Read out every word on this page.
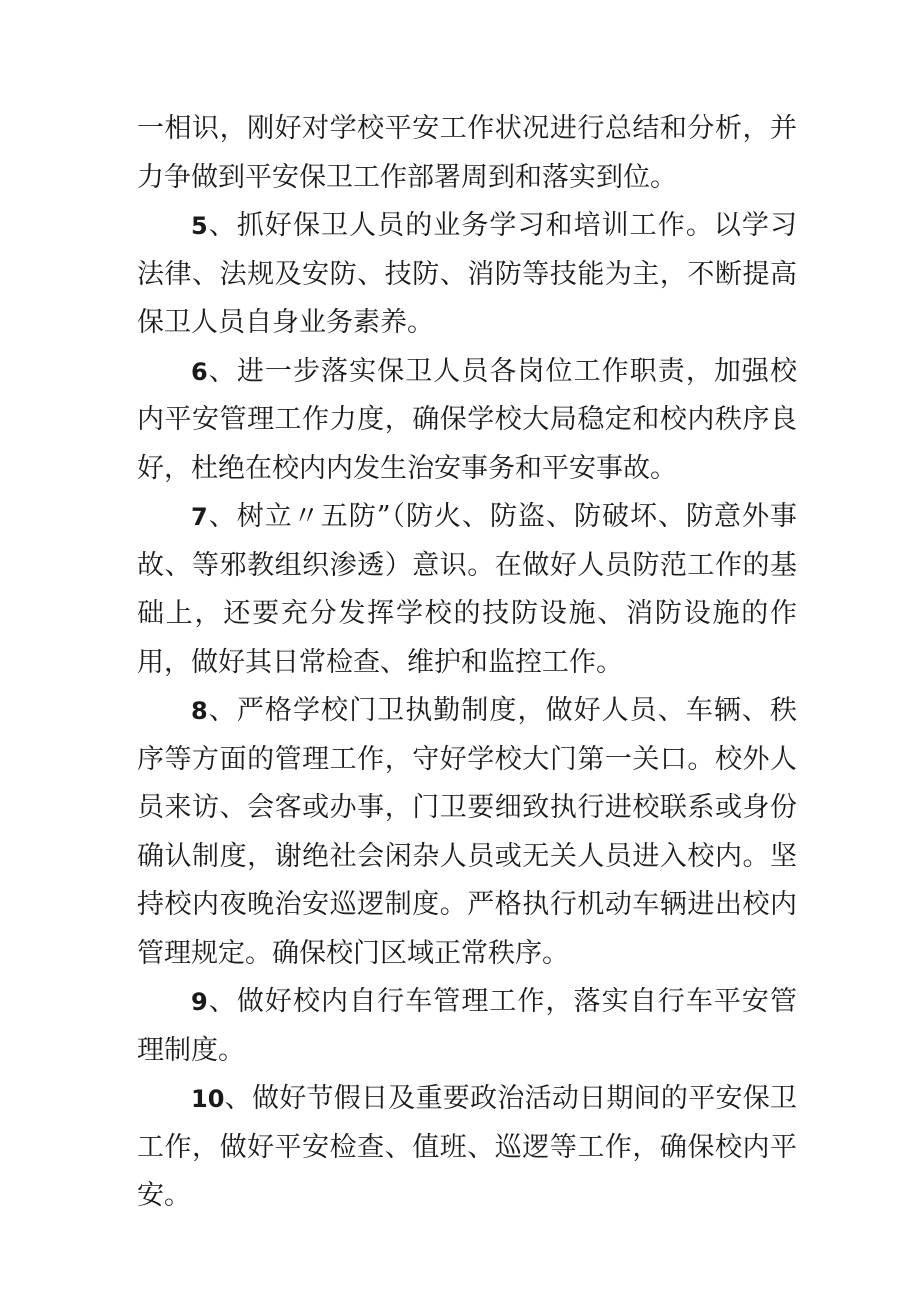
一相识，刚好对学校平安工作状况进行总结和分析，并力争做到平安保卫工作部署周到和落实到位。

5、抓好保卫人员的业务学习和培训工作。以学习法律、法规及安防、技防、消防等技能为主，不断提高保卫人员自身业务素养。

6、进一步落实保卫人员各岗位工作职责，加强校内平安管理工作力度，确保学校大局稳定和校内秩序良好，杜绝在校内内发生治安事务和平安事故。

7、树立〃五防”（防火、防盗、防破坏、防意外事故、等邪教组织渗透）意识。在做好人员防范工作的基础上，还要充分发挥学校的技防设施、消防设施的作用，做好其日常检查、维护和监控工作。

8、严格学校门卫执勤制度，做好人员、车辆、秩序等方面的管理工作，守好学校大门第一关口。校外人员来访、会客或办事，门卫要细致执行进校联系或身份确认制度，谢绝社会闲杂人员或无关人员进入校内。坚持校内夜晚治安巡逻制度。严格执行机动车辆进出校内管理规定。确保校门区域正常秩序。

9、做好校内自行车管理工作，落实自行车平安管理制度。

10、做好节假日及重要政治活动日期间的平安保卫工作，做好平安检查、值班、巡逻等工作，确保校内平安。
